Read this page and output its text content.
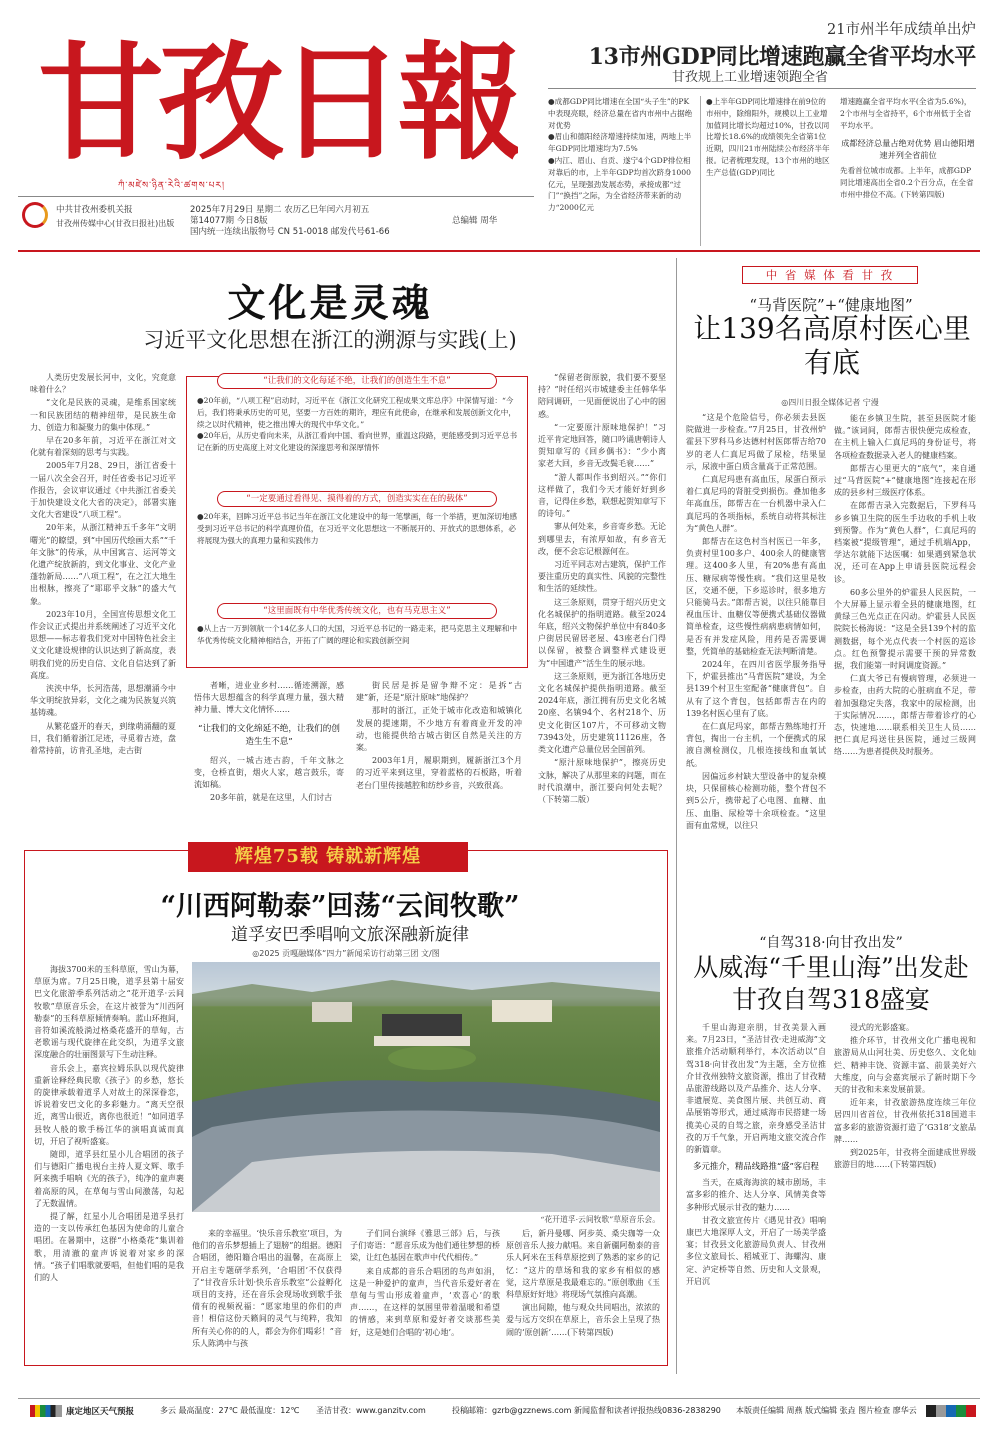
甘孜日報
ཀཾ་མཛེས་ཉིན་རེའི་ཚགས་པར།
中共甘孜州委机关报
甘孜州传媒中心(甘孜日报社)出版
2025年7月29日 星期二 农历乙巳年闰六月初五
第14077期 今日8版
国内统一连续出版物号 CN 51-0018 邮发代号61-66
总编辑 周华
21市州半年成绩单出炉
13市州GDP同比增速跑赢全省平均水平
甘孜规上工业增速领跑全省

●成都GDP同比增速在全国“头子生”的PK中表现亮眼，经济总量在省内市州中占据绝对优势

●眉山和德阳经济增速持续加速，两地上半年GDP同比增速均为7.5%

●内江、眉山、自贡、遂宁4个GDP排位相对靠后的市，上半年GDP均首次跻身1000亿元，呈现强劲发展态势，承接成都“过门”“换挡”之际，为全省经济带来新的动力“2000亿元

●上半年GDP同比增速排在前9位的市州中，除绵阳外，规模以上工业增加值同比增长均超过10%，甘孜以同比增长18.6%的成绩领先全省第1位

近期，四川21市州陆续公布经济半年报。记者梳理发现，13个市州的地区生产总值(GDP)同比

增速跑赢全省平均水平(全省为5.6%)，2个市州与全省持平，6个市州低于全省平均水平。

成都经济总量占绝对优势 眉山德阳增速并列全省前位

先看首位城市成都。上半年，成都GDP同比增速高出全省0.2个百分点，在全省市州中排位不高。(下转第四版)

文化是灵魂
习近平文化思想在浙江的溯源与实践(上)

人类历史发展长河中，文化，究竟意味着什么？

“文化是民族的灵魂，是维系国家统一和民族团结的精神纽带，是民族生命力、创造力和凝聚力的集中体现。”

早在20多年前，习近平在浙江对文化就有着深刻的思考与实践。

2005年7月28、29日，浙江省委十一届八次全会召开，时任省委书记习近平作报告，会议审议通过《中共浙江省委关于加快建设文化大省的决定》，部署实施文化大省建设“八项工程”。

20年来，从浙江精神五千多年“文明曙光”的瞭望，到“中国历代绘画大系”“千年文脉”的传承，从中国寓言、运河等文化遗产绽放新韵，到文化事业、文化产业蓬勃新局……“八项工程”，在之江大地生出根脉，擦亮了“耶耶乎文脉”的盛大气象。

2023年10月，全国宣传思想文化工作会议正式提出并系统阐述了习近平文化思想——标志着我们党对中国特色社会主义文化建设规律的认识达到了新高度，表明我们党的历史自信、文化自信达到了新高度。

浃浃中华，长河浩荡，思想潮涌今中华文明绽放异彩，文化之魂为民族复兴筑基铸魂。

从繁花盛开的春天，到缘萌涌翻的夏日，我们循着浙江足迹，寻觅着古迹，盘着常持前，访肯孔圣地，走古街

“让我们的文化每延不绝，让我们的创造生生不息”

●20年前，“八项工程”启动时，习近平在《浙江文化研究工程成果文库总序》中深情写道：“今后，我们将秉承历史的可见，坚要一方百姓的期许，理应有此使命，在继承和发展创新文化中，续之以时代精神，使之推出博大的现代中华文化。”

●20年后，从历史看向未来，从浙江看向中国、看向世界，重温这段路，更能感受到习近平总书记在新的历史高度上对文化建设的深邃思考和深厚情怀

“一定要通过看得见、摸得着的方式，创造实实在在的载体”

●20年来，回眸习近平总书记当年在浙江文化建设中的每一笔擘画，每一个举措，更加深切地感受到习近平总书记的科学真理价值，在习近平文化思想这一不断展开的、开放式的思想体系，必将展现为强大的真理力量和实践伟力

“这里面既有中华优秀传统文化，也有马克思主义”

●从上古一万到领航一个14亿多人口的大国，习近平总书记的一路走来，把马克思主义理解和中华优秀传统文化精神相结合，开拓了广阔的理论和实践创新空间

者晰，进业业乡村……循迹溯源，感悟伟大思想蕴含的科学真理力量，强大精神力量、博大文化情怀……

“让我们的文化绵延不绝，让我们的创造生生不息”

绍兴，一城古迹古韵，千年文脉之变，仓桥直街，烟火人家，越言鼓乐，寄流如稿。

20多年前，就是在这里，人们讨古

街民居是拆是留争辩不定：是拆“古建”新，还是“原汁原味”地保护？

那时的浙江，正处于城市化改造和城镇化发展的提速期，不少地方有着商业开发的冲动，也能提供给古城古街区自然是关注的方案。

2003年1月，履职期到，履新浙江3个月的习近平来到这里，穿着蓝格的石板路，听着老台门里传接越腔和纺纱乡音，兴致很高。

“保留老街原貌，我们要不要坚持？”时任绍兴市城建委主任韩华华陪同调研，一见面便说出了心中的困惑。

“一定要原汁原味地保护！”习近平肯定地回答，随口吟诵唐朝诗人贺知章写的《回乡偶书》：“少小离家老大回，乡音无改鬓毛衰……”

“游人都叫作书到绍兴。”“你们这样做了，我们今天才能好好到乡音，记得住乡愁，联想起贺知章写下的诗句。”

寥从何处来，乡音寄乡愁。无论到哪里去，有浓厚如故，有乡音无改，便不会忘记根源何在。

习近平同志对古建筑，保护工作要注重历史的真实性、风貌的完整性和生活的延续性。

这三条原则，贯穿于绍兴历史文化名城保护的指明道路。截至2024年底，绍兴文物保护单位中有840多户街居民留居老屋、43座老台门得以保留，被整合调整样式建设更为“中国遗产”活生生的展示地。

这三条原则，更为浙江各地历史文化名城保护提供指明道路。截至2024年底，浙江拥有历史文化名城20座、名镇94个、名村218个、历史文化街区107片，不可移动文物73943处，历史建筑11126座，各类文化遗产总量位居全国前列。

“原汁原味地保护”，擦亮历史文脉，解决了从那里来的问题，而在时代浪潮中，浙江要向何处去呢？（下转第二版）

辉煌75载 铸就新辉煌
“川西阿勒泰”回荡“云间牧歌”
道孚安巴季唱响文旅深融新旋律
◎2025 贡嘎融媒体“四力”新闻采访行动第三团 文/图

海拔3700米的玉科草原，雪山为幕，草原为席。7月25日晚，道孚县第十届安巴文化旅游季系列活动之“花开道孚·云间牧歌”草原音乐会，在这片被誉为“川西阿勒泰”的玉科草原倾情奏响。蓝山环抱间，音符如溪流般淌过格桑花盛开的草甸，古老歌谣与现代旋律在此交织，为道孚文旅深度融合的壮丽图景写下生动注释。

音乐会上，嘉宾拉姆乐队以现代旋律重新诠释经典民歌《孩子》的乡愁，悠长的旋律承载着道孚人对故土的深深眷恋，诉说着安巴文化的多彩魅力。“离天空很近，离雪山很近，离你也很近！”如同道孚县牧人般的歌手杨江华的演唱真诚而真切，开启了视听盛宴。

随即，道孚县红星小儿合唱团的孩子们与德阳广播电视台主持人夏文辉、歌手阿来携手唱响《光的孩子》，纯净的童声裹着高原的风，在草甸与雪山间激荡，勾起了无数温情。

提了解，红星小儿合唱团是道孚县打造的一支以传承红色基因为使命的儿童合唱团。在暑期中，这群“小格桑花”集训着歌，用清澈的童声诉说着对家乡的深情。“孩子们唱歌就要唱，但他们唱的是我们的人

“花开道孚·云间牧歌”草原音乐会。

来的幸福里。‘快乐音乐教室’项目，为他们的音乐梦想插上了翅膀”的组据。德阳合唱团，德阳籍合唱出的温馨，在高原上开启主专题研学系列，‘合唱团’不仅获得了“甘孜音乐计划·快乐音乐教室”公益孵化项目的支持，还在音乐会现场收到歌手张倩有的视频祝福：“愿家地里的你们的声音！相信这份天籁间的灵气与纯粹，我知所有关心你的的人，都会为你们喝彩！”音乐人陈鸿中与孩

子们同台演绎《雅思三部》后，与孩子们寄语：“愿音乐成为他们通往梦想的桥梁，让红色基因在歌声中代代相传。”

来自成都的音乐合唱团的鸟声如涓，这是一种爱护的童声，当代音乐爱好者在草甸与雪山形成着童声，‘欢喜心’的歌声……，在这样的氛围里带着温暖和希望的情感，来到草原和爱好者交谈那些美好，这是她们合唱的‘初心地’。

后，新丹曼哪、阿步英、桑尖珈等一众原创音乐人接力献唱。来自新疆阿勒泰的音乐人阿米在玉科草原挖到了熟悉的家乡的记忆：“这片的草场和我的家乡有相似的感觉，这片草原是我最难忘的。”原创歌曲《玉科草原好好地》将现场气氛推向高潮。

演出间隙，他与观众共同唱出，浓浓的爱与远方交织在草原上，音乐会上呈现了热闹的‘原创新’……(下转第四版)

中 省 媒 体 看 甘 孜
“马背医院”+“健康地图”
让139名高原村医心里有底
◎四川日报全媒体记者 宁漫

“这是个危险信号，你必须去县医院做进一步检查。”7月25日，甘孜州炉霍县下罗科马乡达德村村医郎帮吉给70岁的老人仁真尼玛做了尿检，结果显示，尿液中蛋白质含量高于正常范围。

仁真尼玛患有高血压，尿蛋白预示着仁真尼玛的肾脏受到损伤。叠加他多年高血压，郎帮吉在一台机器中录入仁真尼玛的各项指标，系统自动将其标注为“黄色人群”。

郎帮吉在这色村当村医已一年多，负责村里100多户、400余人的健康管理。这400多人里，有20%患有高血压、糖尿病等慢性病。“我们这里是牧区，交通不便，下乡巡诊时，很多地方只能骑马去。”郎帮吉说，以往只能靠目视血压计、血糖仪等便携式基础仪器做简单检查，这些慢性病病患病情如何，是否有并发症风险，用药是否需要调整，凭简单的基础检查无法判断清楚。

2024年，在四川省医学服务指导下，炉霍县推出“马背医院”建设，为全县139个村卫生室配备“健康背包”。自从有了这个背包，包括郎帮吉在内的139名村医心里有了底。

在仁真尼玛家，郎帮吉熟练地打开背包，掏出一台主机，一个便携式的尿液自测检测仪，几根连接线和血氧试纸。

因偏远乡村缺大型设备中的复杂模块，只保留核心检测功能，整个背包不到5公斤，携带起了心电图、血糖、血压、血脂、尿检等十余项检查。“这里面有血常规，以往只

能在乡镇卫生院，甚至县医院才能做。”该词间，郎帮吉很快便完成检查，在主机上输入仁真尼玛的身份证号，将各项检查数据录入老人的健康档案。

郎帮吉心里更大的“底气”，来自通过“马背医院”+“健康地图”连接起在形成的县乡村三级医疗体系。

在郎帮吉录入完数据后，下罗科马乡乡镇卫生院的医生手边收的手机上收到预警。作为“黄色人群”，仁真尼玛的档案被“提级管理”，通过手机端App，学达尔就能下达医嘱：如果遇到紧急状况，还可在App上申请县医院远程会诊。

60多公里外的炉霍县人民医院，一个大屏幕上显示着全县的健康地图，红黄绿三色光点正在闪动。炉霍县人民医院院长杨海说：“这是全县139个村的监测数据，每个光点代表一个村医的巡诊点。红色预警提示需要干预的异常数据，我们能第一时间调度资源。”

仁真大爷已有慢病管理，必须进一步检查，由药大院的心脏病血不足，带着加强稳定失落，我家中的尿检测，出于实际情况……，郎帮吉带着诊疗的心态，快速地……联系相关卫生人员……把仁真尼玛送往县医院，通过三级网络……为患者提供及时服务。

“自驾318·向甘孜出发”
从威海“千里山海”出发赴甘孜自驾318盛宴

千里山海迎亲朋，甘孜美景入画来。7月23日，“圣洁甘孜·走进威海”文旅推介活动顺利举行，本次活动以“自驾318·向甘孜出发”为主题，全方位推介甘孜州独特文旅资源，推出了甘孜精品旅游线路以及产品推介、达人分享、非遗展览、美食图片展、共创互动、商品展销等形式，通过威海市民搭建一场揽美心灵的自驾之旅，亲身感受圣洁甘孜的万千气象，开启两地文旅交流合作的新篇章。

多元推介，精品线路推“盛”客启程

当天，在威海海滨的城市剧场，丰富多彩的推介、达人分享、风情美食等多种形式展示甘孜的魅力……

甘孜文旅宣传片《遇见甘孜》唱响康巴大地深厚人文，开启了一场美学盛宴；甘孜县文化旅游局负责人、甘孜州多位文旅局长、稻城亚丁、海螺沟、康定、泸定桥等自然、历史和人文景观，开启沉

浸式的光影盛宴。

推介环节，甘孜州文化广播电视和旅游局从山河壮美、历史悠久、文化灿烂、精神丰饶、资源丰富、前景美好六大维度，向与会嘉宾展示了新时期下今天的甘孜和未来发展前景。

近年来，甘孜旅游热度连续三年位居四川省首位，甘孜州依托318国道丰富多彩的旅游资源打造了‘G318’文旅品牌……

到2025年，甘孜将全面建成世界级旅游目的地……(下转第四版)

康定地区天气预报	多云 最高温度：27℃ 最低温度：12℃ 圣洁甘孜：www.ganzitv.com	投稿邮箱：gzrb@gzznews.com 新闻监督和读者评报热线0836-2838290 本版责任编辑 周燕 版式编辑 张垚 图片检查 廖华云
